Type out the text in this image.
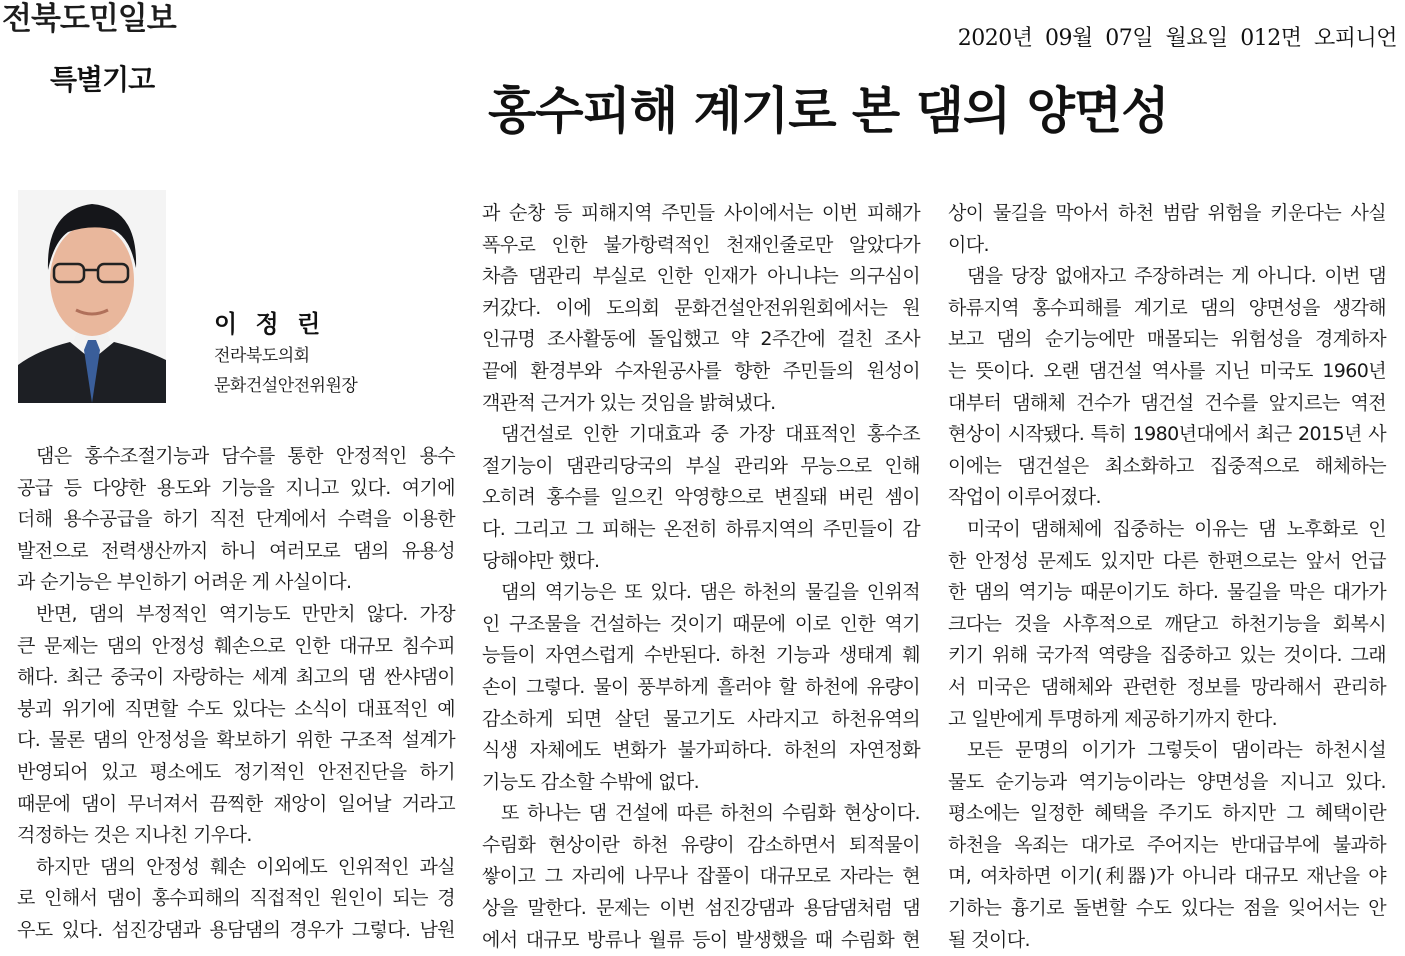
전북도민일보
특별기고
2020년 09월 07일 월요일 012면 오피니언
홍수피해 계기로 본 댐의 양면성
이 정 린
전라북도의회
문화건설안전위원장
댐은 홍수조절기능과 담수를 통한 안정적인 용수
공급 등 다양한 용도와 기능을 지니고 있다. 여기에
더해 용수공급을 하기 직전 단계에서 수력을 이용한
발전으로 전력생산까지 하니 여러모로 댐의 유용성
과 순기능은 부인하기 어려운 게 사실이다.
반면, 댐의 부정적인 역기능도 만만치 않다. 가장
큰 문제는 댐의 안정성 훼손으로 인한 대규모 침수피
해다. 최근 중국이 자랑하는 세계 최고의 댐 싼샤댐이
붕괴 위기에 직면할 수도 있다는 소식이 대표적인 예
다. 물론 댐의 안정성을 확보하기 위한 구조적 설계가
반영되어 있고 평소에도 정기적인 안전진단을 하기
때문에 댐이 무너져서 끔찍한 재앙이 일어날 거라고
걱정하는 것은 지나친 기우다.
하지만 댐의 안정성 훼손 이외에도 인위적인 과실
로 인해서 댐이 홍수피해의 직접적인 원인이 되는 경
우도 있다. 섬진강댐과 용담댐의 경우가 그렇다. 남원
과 순창 등 피해지역 주민들 사이에서는 이번 피해가
폭우로 인한 불가항력적인 천재인줄로만 알았다가
차츰 댐관리 부실로 인한 인재가 아니냐는 의구심이
커갔다. 이에 도의회 문화건설안전위원회에서는 원
인규명 조사활동에 돌입했고 약 2주간에 걸친 조사
끝에 환경부와 수자원공사를 향한 주민들의 원성이
객관적 근거가 있는 것임을 밝혀냈다.
댐건설로 인한 기대효과 중 가장 대표적인 홍수조
절기능이 댐관리당국의 부실 관리와 무능으로 인해
오히려 홍수를 일으킨 악영향으로 변질돼 버린 셈이
다. 그리고 그 피해는 온전히 하류지역의 주민들이 감
당해야만 했다.
댐의 역기능은 또 있다. 댐은 하천의 물길을 인위적
인 구조물을 건설하는 것이기 때문에 이로 인한 역기
능들이 자연스럽게 수반된다. 하천 기능과 생태계 훼
손이 그렇다. 물이 풍부하게 흘러야 할 하천에 유량이
감소하게 되면 살던 물고기도 사라지고 하천유역의
식생 자체에도 변화가 불가피하다. 하천의 자연정화
기능도 감소할 수밖에 없다.
또 하나는 댐 건설에 따른 하천의 수림화 현상이다.
수림화 현상이란 하천 유량이 감소하면서 퇴적물이
쌓이고 그 자리에 나무나 잡풀이 대규모로 자라는 현
상을 말한다. 문제는 이번 섬진강댐과 용담댐처럼 댐
에서 대규모 방류나 월류 등이 발생했을 때 수림화 현
상이 물길을 막아서 하천 범람 위험을 키운다는 사실
이다.
댐을 당장 없애자고 주장하려는 게 아니다. 이번 댐
하류지역 홍수피해를 계기로 댐의 양면성을 생각해
보고 댐의 순기능에만 매몰되는 위험성을 경계하자
는 뜻이다. 오랜 댐건설 역사를 지닌 미국도 1960년
대부터 댐해체 건수가 댐건설 건수를 앞지르는 역전
현상이 시작됐다. 특히 1980년대에서 최근 2015년 사
이에는 댐건설은 최소화하고 집중적으로 해체하는
작업이 이루어졌다.
미국이 댐해체에 집중하는 이유는 댐 노후화로 인
한 안정성 문제도 있지만 다른 한편으로는 앞서 언급
한 댐의 역기능 때문이기도 하다. 물길을 막은 대가가
크다는 것을 사후적으로 깨닫고 하천기능을 회복시
키기 위해 국가적 역량을 집중하고 있는 것이다. 그래
서 미국은 댐해체와 관련한 정보를 망라해서 관리하
고 일반에게 투명하게 제공하기까지 한다.
모든 문명의 이기가 그렇듯이 댐이라는 하천시설
물도 순기능과 역기능이라는 양면성을 지니고 있다.
평소에는 일정한 혜택을 주기도 하지만 그 혜택이란
하천을 옥죄는 대가로 주어지는 반대급부에 불과하
며, 여차하면 이기(利器)가 아니라 대규모 재난을 야
기하는 흉기로 돌변할 수도 있다는 점을 잊어서는 안
될 것이다.
